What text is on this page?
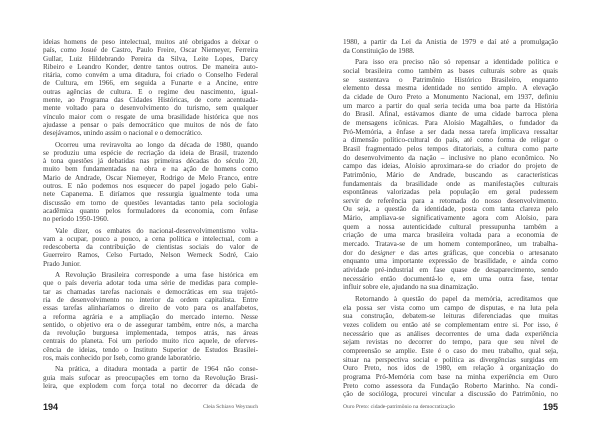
ideias homens de peso intelectual, muitos até obrigados a deixar o
país, como Josué de Castro, Paulo Freire, Oscar Niemeyer, Ferreira
Gullar, Luiz Hildebrando Pereira da Silva, Leite Lopes, Darcy
Ribeiro e Leandro Konder, dentre tantos outros. De maneira auto-
ritária, como convém a uma ditadura, foi criado o Conselho Federal
de Cultura, em 1966, em seguida a Funarte e a Ancine, entre
outras agências de cultura. E o regime deu nascimento, igual-
mente, ao Programa das Cidades Históricas, de corte acentuada-
mente voltado para o desenvolvimento do turismo, sem qualquer
vínculo maior com o resgate de uma brasilidade histórica que nos
ajudasse a pensar o país democrático que muitos de nós de fato
desejávamos, unindo assim o nacional e o democrático.
Ocorreu uma reviravolta ao longo da década de 1980, quando
se produziu uma espécie de recriação da ideia de Brasil, trazendo
à tona questões já debatidas nas primeiras décadas do século 20,
muito bem fundamentadas na obra e na ação de homens como
Mario de Andrade, Oscar Niemeyer, Rodrigo de Melo Franco, entre
outros. E não podemos nos esquecer do papel jogado pelo Gabi-
nete Capanema. E diríamos que ressurgia igualmente toda uma
discussão em torno de questões levantadas tanto pela sociologia
acadêmica quanto pelos formuladores da economia, com ênfase
no período 1950-1960.
Vale dizer, os embates do nacional-desenvolvimentismo volta-
vam a ocupar, pouco a pouco, a cena política e intelectual, com a
redescoberta da contribuição de cientistas sociais do valor de
Guerreiro Ramos, Celso Furtado, Nelson Werneck Sodré, Caio
Prado Junior.
A Revolução Brasileira corresponde a uma fase histórica em
que o país deveria adotar toda uma série de medidas para comple-
tar as chamadas tarefas nacionais e democráticas em sua trajetó-
ria de desenvolvimento no interior da ordem capitalista. Entre
essas tarefas alinharíamos o direito de voto para os analfabetos,
a reforma agrária e a ampliação do mercado interno. Nesse
sentido, o objetivo era o de assegurar também, entre nós, a marcha
da revolução burguesa implementada, tempos atrás, nas áreas
centrais do planeta. Foi um período muito rico aquele, de eferves-
cência de ideias, tendo o Instituto Superior de Estudos Brasilei-
ros, mais conhecido por Iseb, como grande laboratório.
Na prática, a ditadura montada a partir de 1964 não conse-
guia mais sufocar as preocupações em torno da Revolução Brasi-
leira, que explodem com força total no decorrer da década de
194	Cleia Schiavo Weyrauch
1980, a partir da Lei da Anistia de 1979 e daí até a promulgação
da Constituição de 1988.
Para isso era preciso não só repensar a identidade política e
social brasileira como também as bases culturais sobre as quais
se sustentava o Patrimônio Histórico Brasileiro, enquanto
elemento dessa mesma identidade no sentido amplo. A elevação
da cidade de Ouro Preto a Monumento Nacional, em 1937, definiu
um marco a partir do qual seria tecida uma boa parte da História
do Brasil. Afinal, estávamos diante de uma cidade barroca plena
de mensagens icônicas. Para Aloísio Magalhães, o fundador da
Pró-Memória, a ênfase a ser dada nessa tarefa implicava ressaltar
a dimensão político-cultural do país, até como forma de religar o
Brasil fragmentado pelos tempos ditatoriais, a cultura como parte
do desenvolvimento da nação – inclusive no plano econômico. No
campo das ideias, Aloísio aproximara-se do criador do projeto de
Patrimônio, Mário de Andrade, buscando as características
fundamentais da brasilidade onde as manifestações culturais
espontâneas valorizadas pela população em geral pudessem
servir de referência para a retomada do nosso desenvolvimento.
Ou seja, a questão da identidade, posta com tanta clareza pelo
Mário, ampliava-se significativamente agora com Aloísio, para
quem a nossa autenticidade cultural pressupunha também a
criação de uma marca brasileira voltada para a economia de
mercado. Tratava-se de um homem contemporâneo, um trabalha-
dor do designer e das artes gráficas, que concebia o artesanato
enquanto uma importante expressão de brasilidade, e ainda como
atividade pré-industrial em fase quase de desaparecimento, sendo
necessário então documentá-lo e, em uma outra fase, tentar
influir sobre ele, ajudando na sua dinamização.
Retornando à questão do papel da memória, acreditamos que
ela possa ser vista como um campo de disputas, e na luta pela
sua construção, debatem-se leituras diferenciadas que muitas
vezes colidem ou então até se complementam entre si. Por isso, é
necessário que as análises decorrentes de uma dada experiência
sejam revistas no decorrer do tempo, para que seu nível de
compreensão se amplie. Este é o caso do meu trabalho, qual seja,
situar na perspectiva social e política as divergências surgidas em
Ouro Preto, nos idos de 1980, em relação à organização do
programa Pró-Memória com base na minha experiência em Ouro
Preto como assessora da Fundação Roberto Marinho. Na condi-
ção de socióloga, procurei vincular a discussão do Patrimônio, no
Ouro Preto: cidade-patrimônio na democratização	195
